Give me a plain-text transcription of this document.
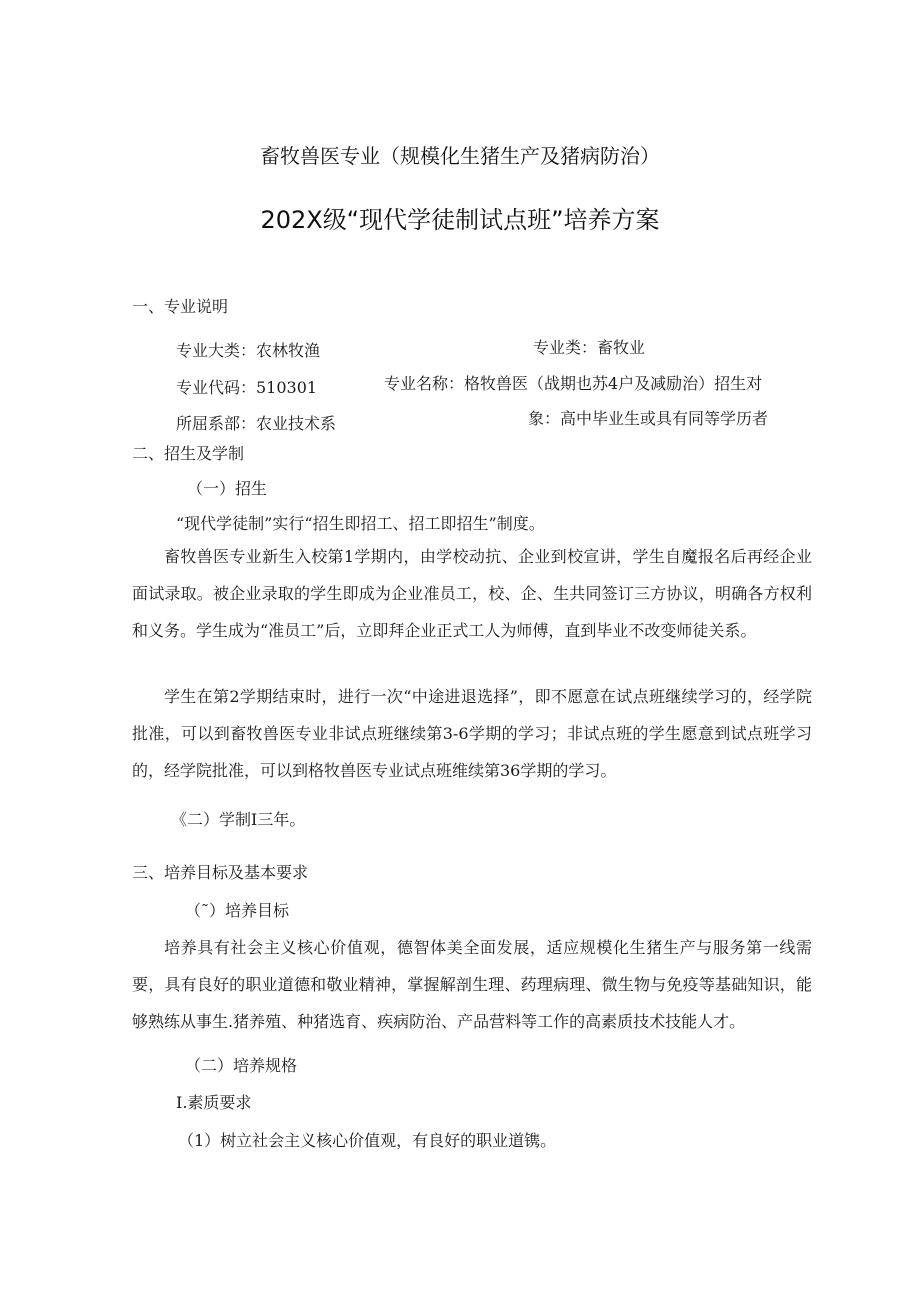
畜牧兽医专业（规模化生猪生产及猪病防治）
202X级“现代学徒制试点班”培养方案
一、专业说明
专业大类：农林牧渔	专业类：畜牧业
专业代码：510301	专业名称：格牧兽医（战期也苏4户及减励治）招生对
所屈系部：农业技术系	象：高中毕业生或具有同等学历者
二、招生及学制
（一）招生
“现代学徒制”实行“招生即招工、招工即招生”制度。
畜牧兽医专业新生入校第1学期内，由学校动抗、企业到校宣讲，学生自魔报名后再经企业面试录取。被企业录取的学生即成为企业准员工，校、企、生共同签订三方协议，明确各方权利和义务。学生成为“准员工”后，立即拜企业正式工人为师傅，直到毕业不改变师徒关系。
学生在第2学期结束时，进行一次“中途进退选择”，即不愿意在试点班继续学习的，经学院批准，可以到畜牧兽医专业非试点班继续第3-6学期的学习；非试点班的学生愿意到试点班学习的，经学院批准，可以到格牧兽医专业试点班维续第36学期的学习。
《二）学制I三年。
三、培养目标及基本要求
（˜）培养目标
培养具有社会主义核心价值观，德智体美全面发展，适应规模化生猪生产与服务第一线需要，具有良好的职业道德和敬业精神，掌握解剖生理、药理病理、微生物与免疫等基础知识，能够熟练从事生.猪养殖、种猪选育、疾病防治、产品营料等工作的高素质技术技能人才。
（二）培养规格
I.素质要求
（1）树立社会主义核心价值观，有良好的职业道镌。
